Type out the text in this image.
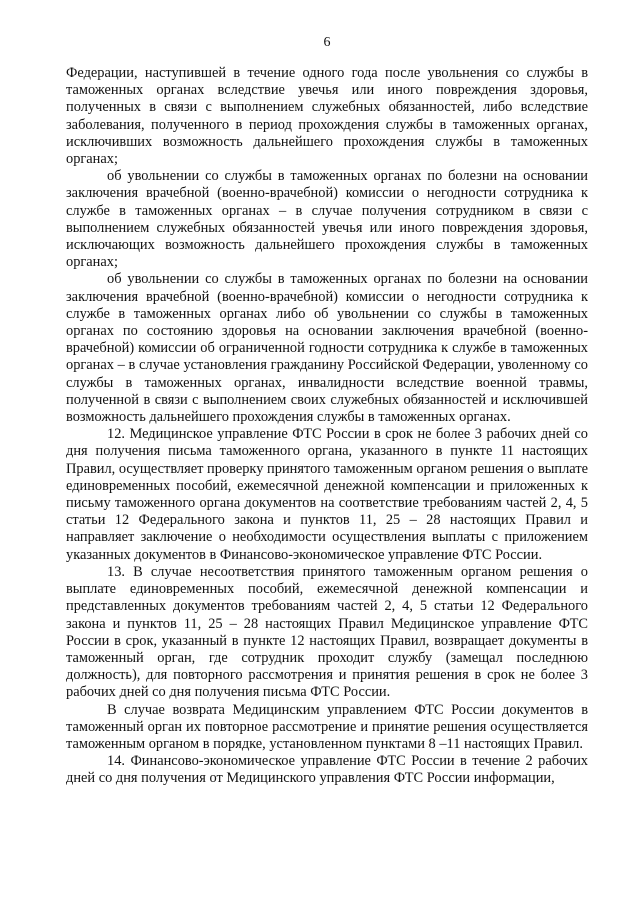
6

Федерации, наступившей в течение одного года после увольнения со службы в таможенных органах вследствие увечья или иного повреждения здоровья, полученных в связи с выполнением служебных обязанностей, либо вследствие заболевания, полученного в период прохождения службы в таможенных органах, исключивших возможность дальнейшего прохождения службы в таможенных органах;

об увольнении со службы в таможенных органах по болезни на основании заключения врачебной (военно-врачебной) комиссии о негодности сотрудника к службе в таможенных органах – в случае получения сотрудником в связи с выполнением служебных обязанностей увечья или иного повреждения здоровья, исключающих возможность дальнейшего прохождения службы в таможенных органах;

об увольнении со службы в таможенных органах по болезни на основании заключения врачебной (военно-врачебной) комиссии о негодности сотрудника к службе в таможенных органах либо об увольнении со службы в таможенных органах по состоянию здоровья на основании заключения врачебной (военно-врачебной) комиссии об ограниченной годности сотрудника к службе в таможенных органах – в случае установления гражданину Российской Федерации, уволенному со службы в таможенных органах, инвалидности вследствие военной травмы, полученной в связи с выполнением своих служебных обязанностей и исключившей возможность дальнейшего прохождения службы в таможенных органах.

12. Медицинское управление ФТС России в срок не более 3 рабочих дней со дня получения письма таможенного органа, указанного в пункте 11 настоящих Правил, осуществляет проверку принятого таможенным органом решения о выплате единовременных пособий, ежемесячной денежной компенсации и приложенных к письму таможенного органа документов на соответствие требованиям частей 2, 4, 5 статьи 12 Федерального закона и пунктов 11, 25 – 28 настоящих Правил и направляет заключение о необходимости осуществления выплаты с приложением указанных документов в Финансово-экономическое управление ФТС России.

13. В случае несоответствия принятого таможенным органом решения о выплате единовременных пособий, ежемесячной денежной компенсации и представленных документов требованиям частей 2, 4, 5 статьи 12 Федерального закона и пунктов 11, 25 – 28 настоящих Правил Медицинское управление ФТС России в срок, указанный в пункте 12 настоящих Правил, возвращает документы в таможенный орган, где сотрудник проходит службу (замещал последнюю должность), для повторного рассмотрения и принятия решения в срок не более 3 рабочих дней со дня получения письма ФТС России.

В случае возврата Медицинским управлением ФТС России документов в таможенный орган их повторное рассмотрение и принятие решения осуществляется таможенным органом в порядке, установленном пунктами 8 –11 настоящих Правил.

14. Финансово-экономическое управление ФТС России в течение 2 рабочих дней со дня получения от Медицинского управления ФТС России информации,
